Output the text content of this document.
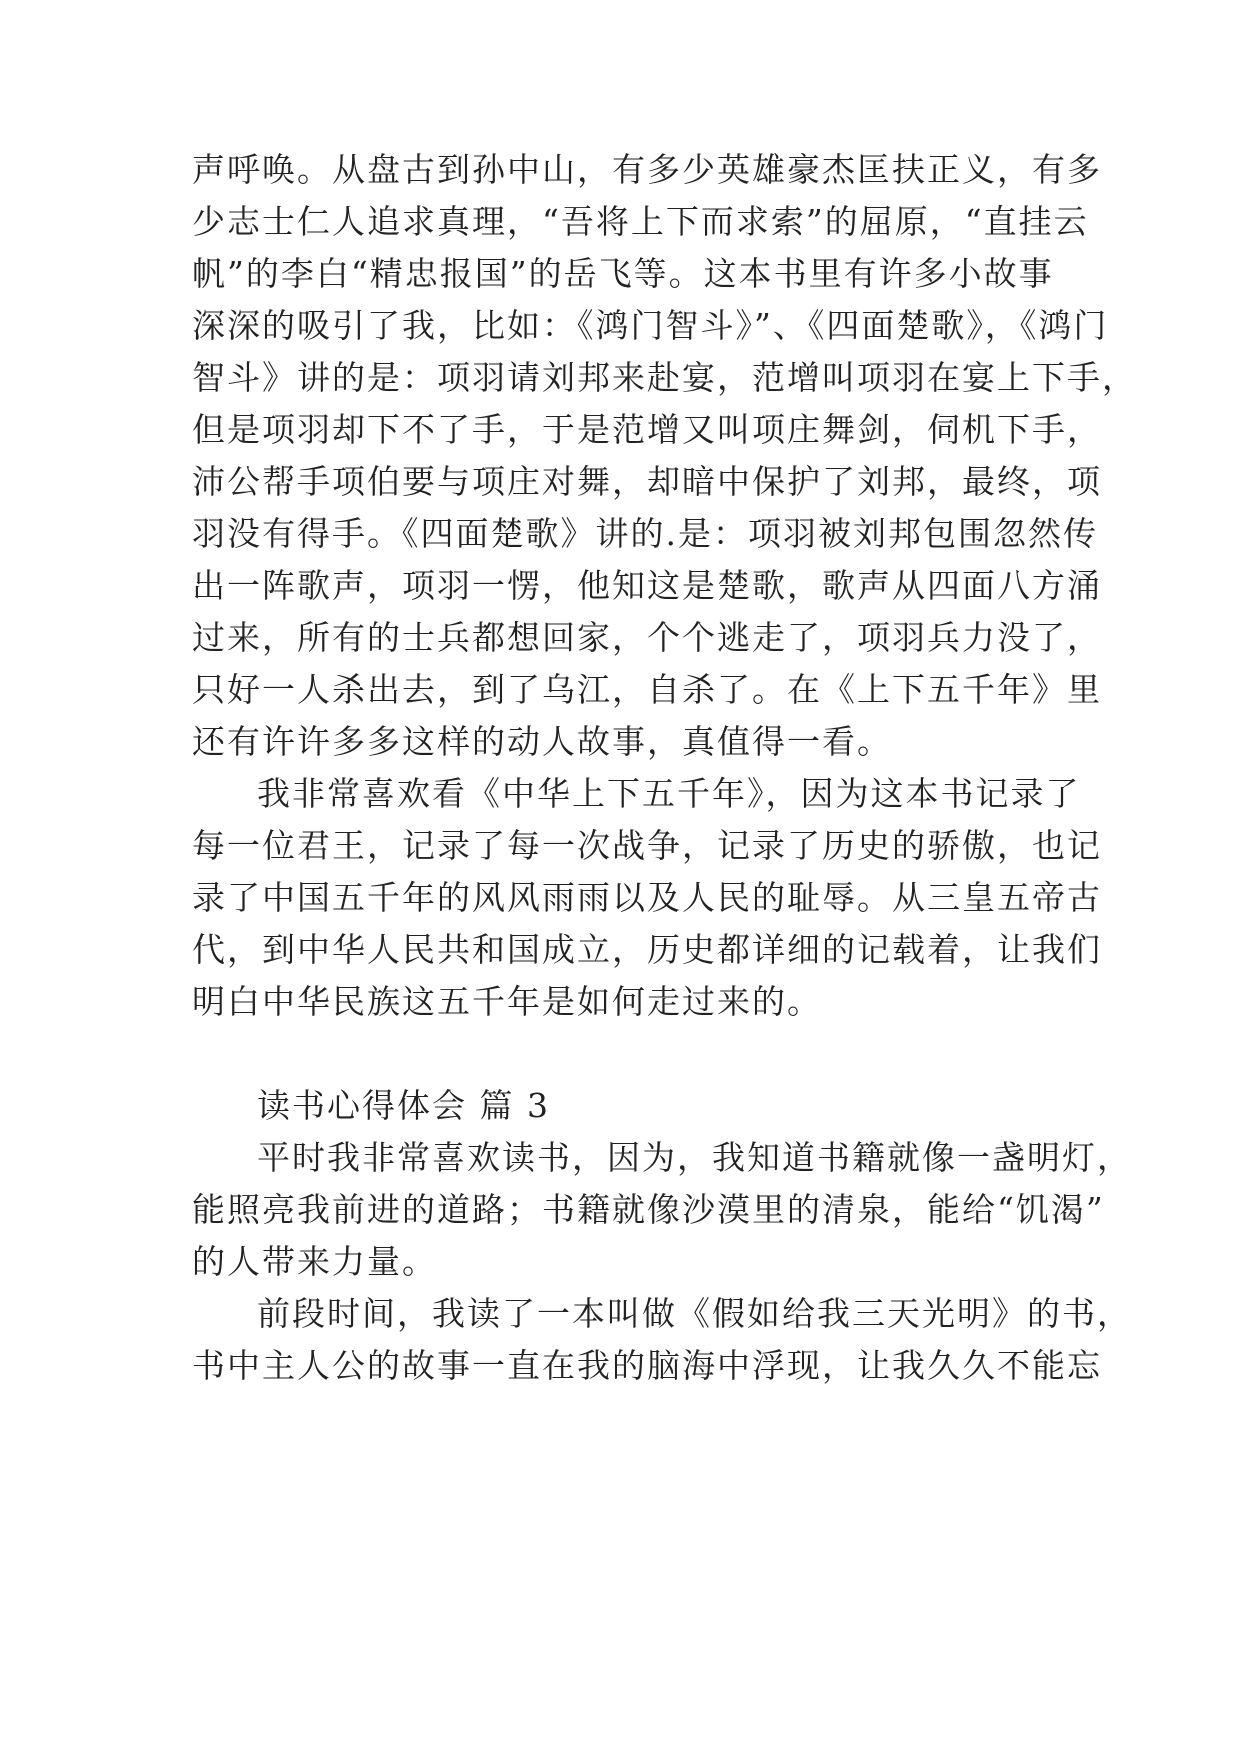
声呼唤。从盘古到孙中山，有多少英雄豪杰匡扶正义，有多
少志士仁人追求真理，“吾将上下而求索”的屈原，“直挂云
帆”的李白“精忠报国”的岳飞等。这本书里有许多小故事
深深的吸引了我，比如：《鸿门智斗》”、《四面楚歌》，《鸿门
智斗》讲的是：项羽请刘邦来赴宴，范增叫项羽在宴上下手，
但是项羽却下不了手，于是范增又叫项庄舞剑，伺机下手，
沛公帮手项伯要与项庄对舞，却暗中保护了刘邦，最终，项
羽没有得手。《四面楚歌》讲的.是：项羽被刘邦包围忽然传
出一阵歌声，项羽一愣，他知这是楚歌，歌声从四面八方涌
过来，所有的士兵都想回家，个个逃走了，项羽兵力没了，
只好一人杀出去，到了乌江，自杀了。在《上下五千年》里
还有许许多多这样的动人故事，真值得一看。
我非常喜欢看《中华上下五千年》，因为这本书记录了
每一位君王，记录了每一次战争，记录了历史的骄傲，也记
录了中国五千年的风风雨雨以及人民的耻辱。从三皇五帝古
代，到中华人民共和国成立，历史都详细的记载着，让我们
明白中华民族这五千年是如何走过来的。
读书心得体会 篇 3
平时我非常喜欢读书，因为，我知道书籍就像一盏明灯，
能照亮我前进的道路；书籍就像沙漠里的清泉，能给“饥渴”
的人带来力量。
前段时间，我读了一本叫做《假如给我三天光明》的书，
书中主人公的故事一直在我的脑海中浮现，让我久久不能忘
